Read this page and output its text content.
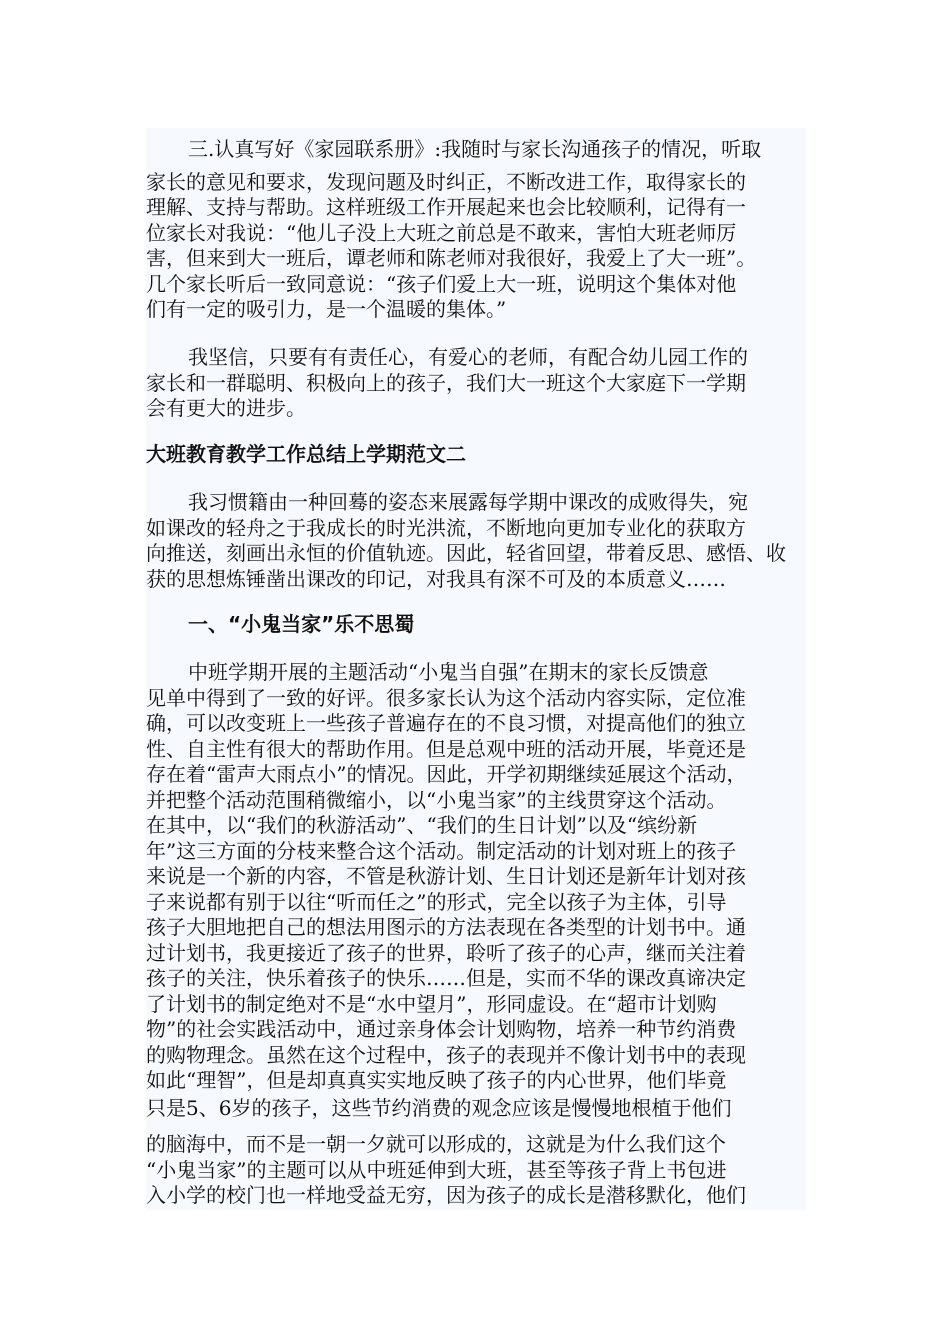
三.认真写好《家园联系册》:我随时与家长沟通孩子的情况，听取
家长的意见和要求，发现问题及时纠正，不断改进工作，取得家长的
理解、支持与帮助。这样班级工作开展起来也会比较顺利，记得有一
位家长对我说：“他儿子没上大班之前总是不敢来，害怕大班老师厉
害，但来到大一班后，谭老师和陈老师对我很好，我爱上了大一班”。
几个家长听后一致同意说：“孩子们爱上大一班，说明这个集体对他
们有一定的吸引力，是一个温暖的集体。”
我坚信，只要有有责任心，有爱心的老师，有配合幼儿园工作的
家长和一群聪明、积极向上的孩子，我们大一班这个大家庭下一学期
会有更大的进步。
大班教育教学工作总结上学期范文二
我习惯籍由一种回蓦的姿态来展露每学期中课改的成败得失，宛
如课改的轻舟之于我成长的时光洪流，不断地向更加专业化的获取方
向推送，刻画出永恒的价值轨迹。因此，轻省回望，带着反思、感悟、收
获的思想炼锤凿出课改的印记，对我具有深不可及的本质意义……
一、“小鬼当家”乐不思蜀
中班学期开展的主题活动“小鬼当自强”在期末的家长反馈意
见单中得到了一致的好评。很多家长认为这个活动内容实际，定位准
确，可以改变班上一些孩子普遍存在的不良习惯，对提高他们的独立
性、自主性有很大的帮助作用。但是总观中班的活动开展，毕竟还是
存在着“雷声大雨点小”的情况。因此，开学初期继续延展这个活动，
并把整个活动范围稍微缩小，以“小鬼当家”的主线贯穿这个活动。
在其中，以“我们的秋游活动”、“我们的生日计划”以及“缤纷新
年”这三方面的分枝来整合这个活动。制定活动的计划对班上的孩子
来说是一个新的内容，不管是秋游计划、生日计划还是新年计划对孩
子来说都有别于以往“听而任之”的形式，完全以孩子为主体，引导
孩子大胆地把自己的想法用图示的方法表现在各类型的计划书中。通
过计划书，我更接近了孩子的世界，聆听了孩子的心声，继而关注着
孩子的关注，快乐着孩子的快乐……但是，实而不华的课改真谛决定
了计划书的制定绝对不是“水中望月”，形同虚设。在“超市计划购
物”的社会实践活动中，通过亲身体会计划购物，培养一种节约消费
的购物理念。虽然在这个过程中，孩子的表现并不像计划书中的表现
如此“理智”，但是却真真实实地反映了孩子的内心世界，他们毕竟
只是5、6岁的孩子，这些节约消费的观念应该是慢慢地根植于他们
的脑海中，而不是一朝一夕就可以形成的，这就是为什么我们这个
“小鬼当家”的主题可以从中班延伸到大班，甚至等孩子背上书包进
入小学的校门也一样地受益无穷，因为孩子的成长是潜移默化，他们
